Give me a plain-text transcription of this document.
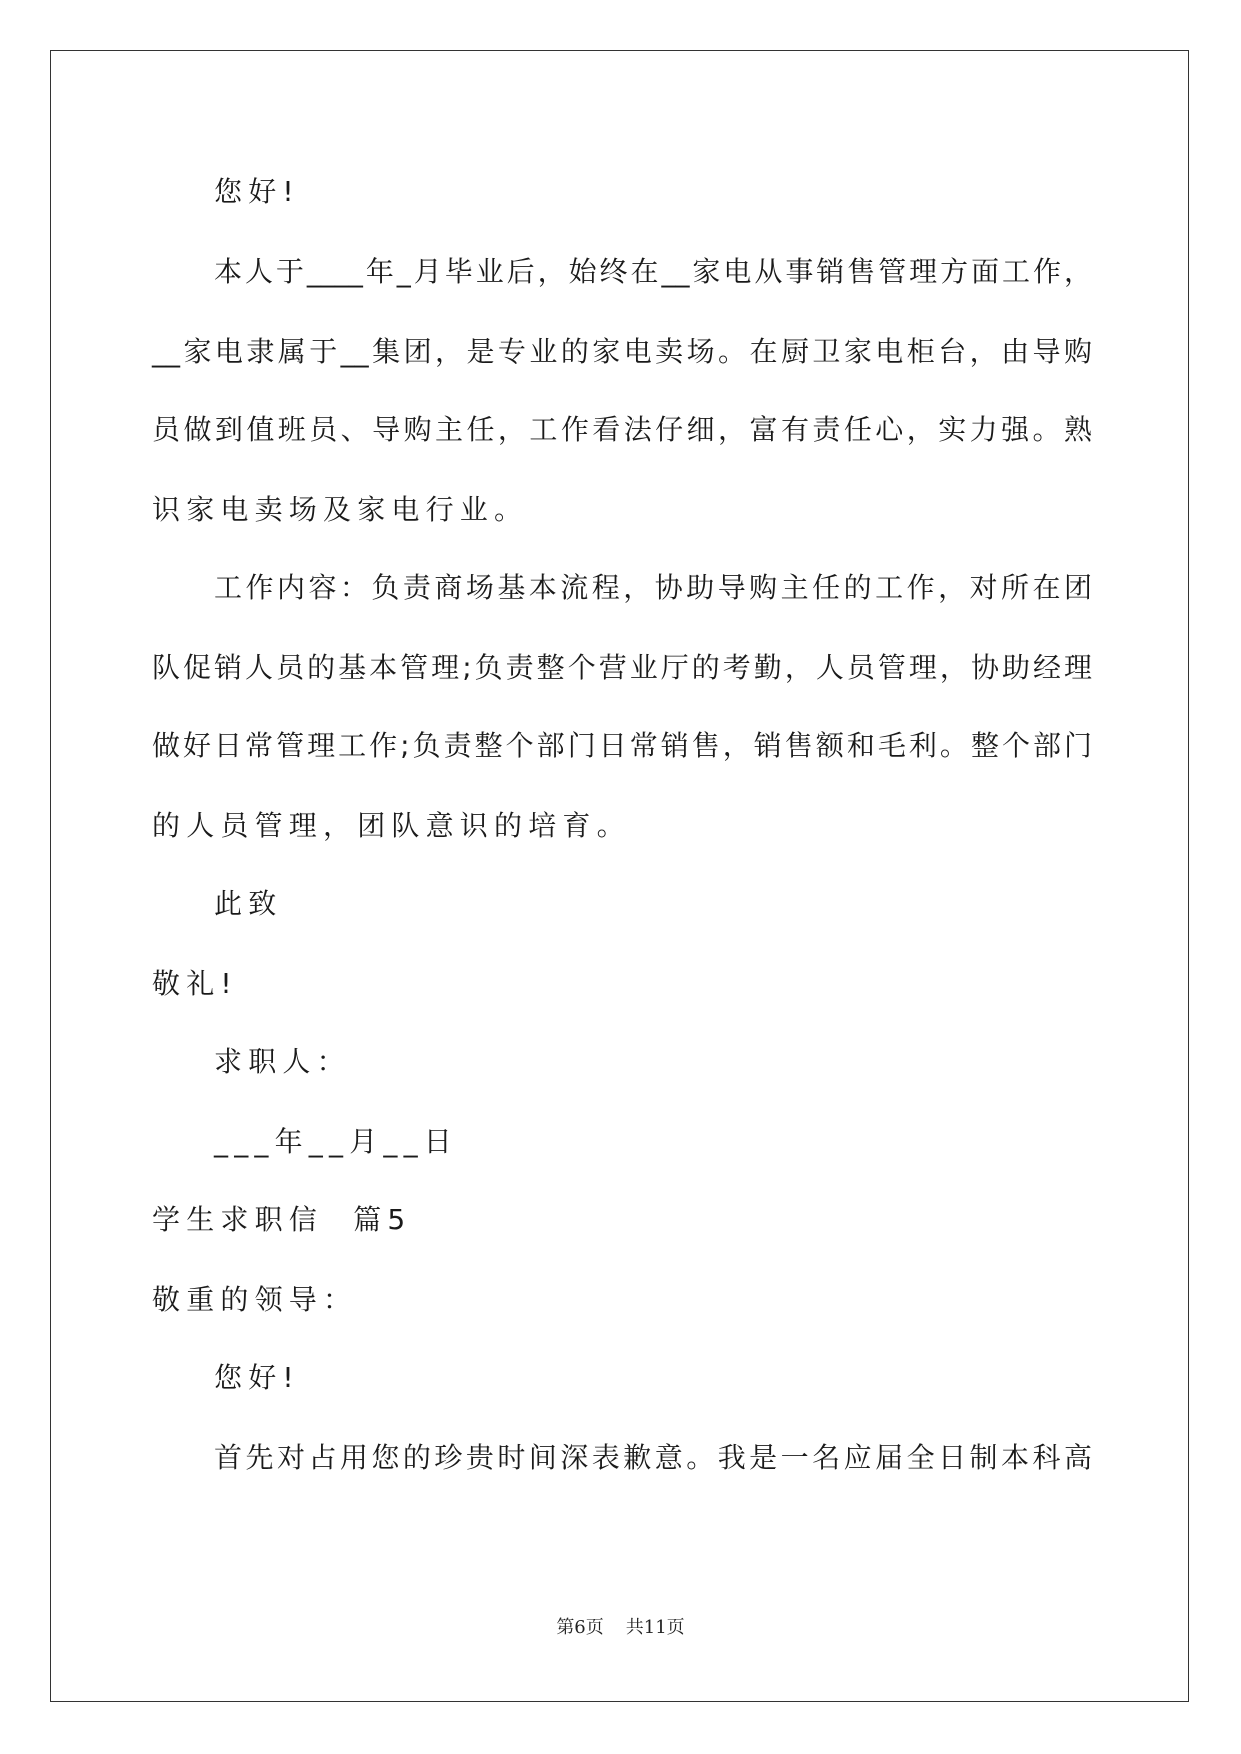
您好!
本人于____年_月毕业后，始终在__家电从事销售管理方面工作，
__家电隶属于__集团，是专业的家电卖场。在厨卫家电柜台，由导购
员做到值班员、导购主任，工作看法仔细，富有责任心，实力强。熟
识家电卖场及家电行业。
工作内容：负责商场基本流程，协助导购主任的工作，对所在团
队促销人员的基本管理;负责整个营业厅的考勤，人员管理，协助经理
做好日常管理工作;负责整个部门日常销售，销售额和毛利。整个部门
的人员管理，团队意识的培育。
此致
敬礼!
求职人：
___年__月__日
学生求职信  篇5
敬重的领导：
您好!
首先对占用您的珍贵时间深表歉意。我是一名应届全日制本科高
第6页 共11页
